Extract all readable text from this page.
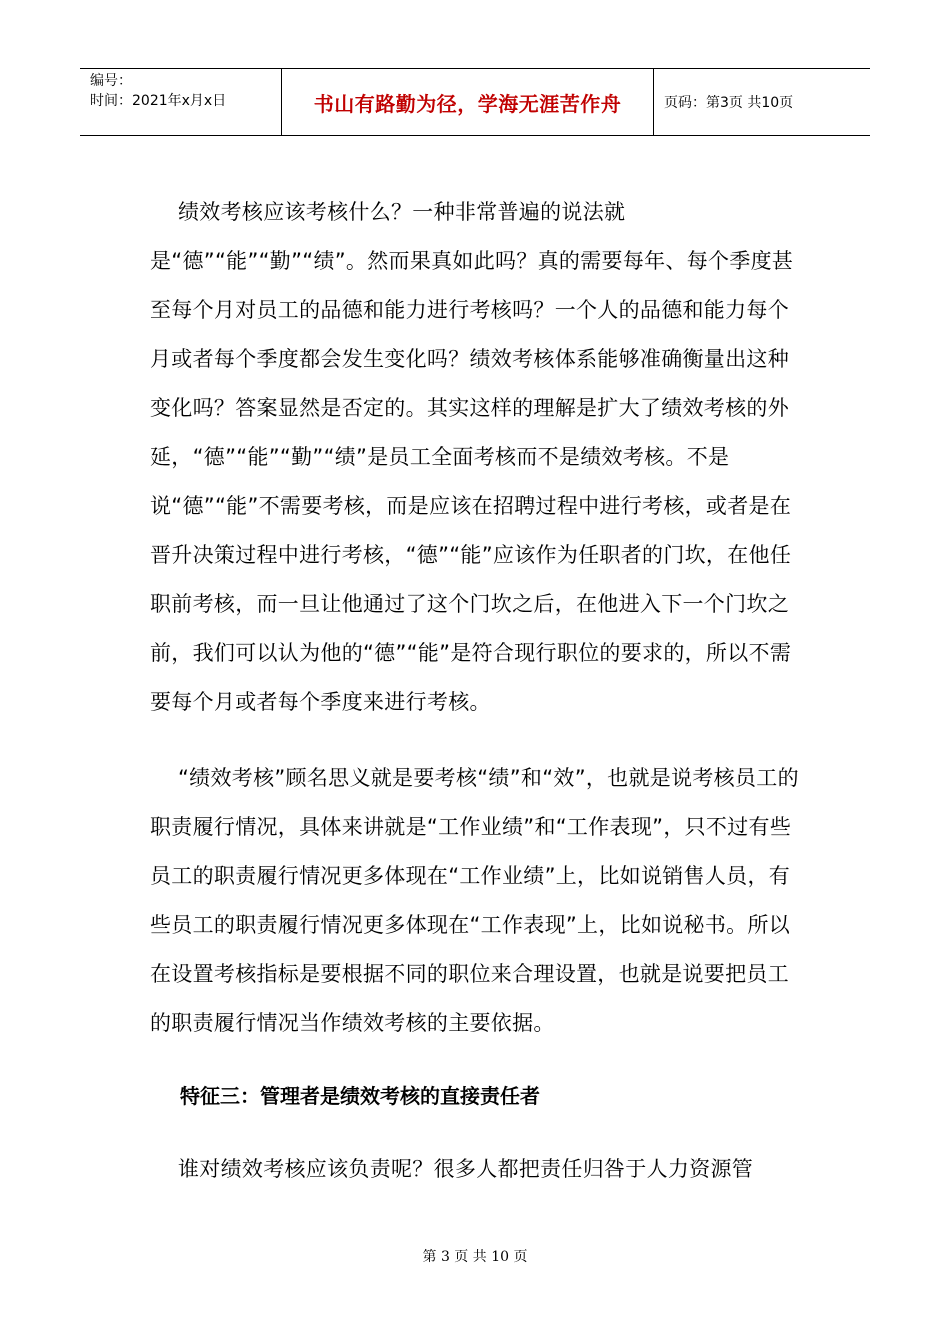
编号：
时间：2021年x月x日	书山有路勤为径，学海无涯苦作舟	页码：第3页 共10页

绩效考核应该考核什么？一种非常普遍的说法就是“德”“能”“勤”“绩”。然而果真如此吗？真的需要每年、每个季度甚至每个月对员工的品德和能力进行考核吗？一个人的品德和能力每个月或者每个季度都会发生变化吗？绩效考核体系能够准确衡量出这种变化吗？答案显然是否定的。其实这样的理解是扩大了绩效考核的外延，“德”“能”“勤”“绩”是员工全面考核而不是绩效考核。不是说“德”“能”不需要考核，而是应该在招聘过程中进行考核，或者是在晋升决策过程中进行考核，“德”“能”应该作为任职者的门坎，在他任职前考核，而一旦让他通过了这个门坎之后，在他进入下一个门坎之前，我们可以认为他的“德”“能”是符合现行职位的要求的，所以不需要每个月或者每个季度来进行考核。

“绩效考核”顾名思义就是要考核“绩”和“效”，也就是说考核员工的职责履行情况，具体来讲就是“工作业绩”和“工作表现”，只不过有些员工的职责履行情况更多体现在“工作业绩”上，比如说销售人员，有些员工的职责履行情况更多体现在“工作表现”上，比如说秘书。所以在设置考核指标是要根据不同的职位来合理设置，也就是说要把员工的职责履行情况当作绩效考核的主要依据。

特征三：管理者是绩效考核的直接责任者

谁对绩效考核应该负责呢？很多人都把责任归咎于人力资源管

第 3 页 共 10 页
